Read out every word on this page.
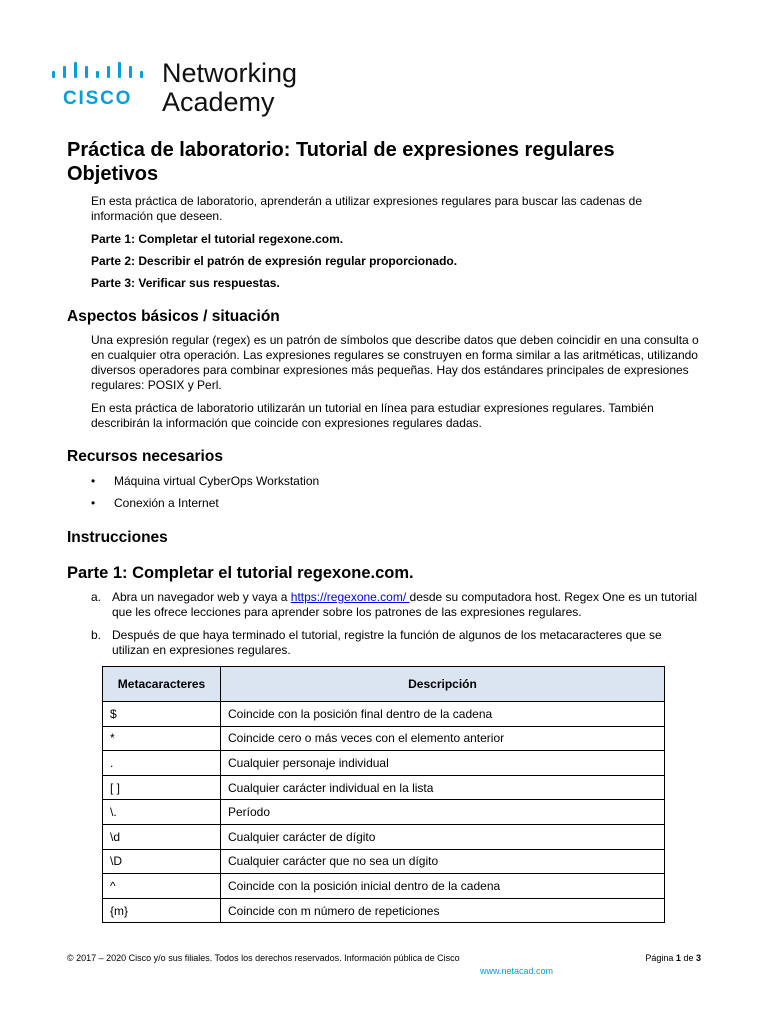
CISCO
Networking
Academy
Práctica de laboratorio: Tutorial de expresiones regulares
Objetivos

En esta práctica de laboratorio, aprenderán a utilizar expresiones regulares para buscar las cadenas de información que deseen.

Parte 1: Completar el tutorial regexone.com.

Parte 2: Describir el patrón de expresión regular proporcionado.

Parte 3: Verificar sus respuestas.

Aspectos básicos / situación

Una expresión regular (regex) es un patrón de símbolos que describe datos que deben coincidir en una consulta o en cualquier otra operación. Las expresiones regulares se construyen en forma similar a las aritméticas, utilizando diversos operadores para combinar expresiones más pequeñas. Hay dos estándares principales de expresiones regulares: POSIX y Perl.

En esta práctica de laboratorio utilizarán un tutorial en línea para estudiar expresiones regulares. También describirán la información que coincide con expresiones regulares dadas.

Recursos necesarios
• Máquina virtual CyberOps Workstation
• Conexión a Internet
Instrucciones
Parte 1: Completar el tutorial regexone.com.
a. Abra un navegador web y vaya a https://regexone.com/ desde su computadora host. Regex One es un tutorial que les ofrece lecciones para aprender sobre los patrones de las expresiones regulares.
b. Después de que haya terminado el tutorial, registre la función de algunos de los metacaracteres que se utilizan en expresiones regulares.
Metacaracteres	Descripción
$	Coincide con la posición final dentro de la cadena
*	Coincide cero o más veces con el elemento anterior
.	Cualquier personaje individual
[ ]	Cualquier carácter individual en la lista
\.	Período
\d	Cualquier carácter de dígito
\D	Cualquier carácter que no sea un dígito
^	Coincide con la posición inicial dentro de la cadena
{m}	Coincide con m número de repeticiones
© 2017 – 2020 Cisco y/o sus filiales. Todos los derechos reservados. Información pública de Cisco	Página 1 de 3
www.netacad.com
